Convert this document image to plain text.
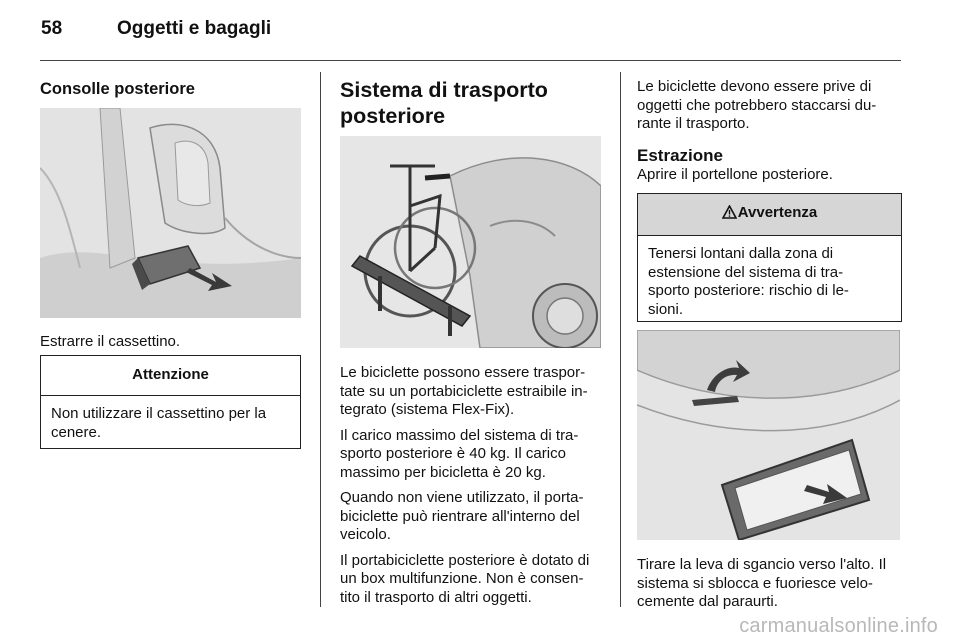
58	Oggetti e bagagli
Consolle posteriore
Estrarre il cassettino.
Attenzione
Non utilizzare il cassettino per la cenere.
Sistema di trasporto
posteriore
Le biciclette possono essere traspor-
tate su un portabiciclette estraibile in-
tegrato (sistema Flex-Fix).
Il carico massimo del sistema di tra-
sporto posteriore è 40 kg. Il carico
massimo per bicicletta è 20 kg.
Quando non viene utilizzato, il porta-
biciclette può rientrare all'interno del
veicolo.
Il portabiciclette posteriore è dotato di
un box multifunzione. Non è consen-
tito il trasporto di altri oggetti.
Le biciclette devono essere prive di
oggetti che potrebbero staccarsi du-
rante il trasporto.
Estrazione
Aprire il portellone posteriore.
Avvertenza
Tenersi lontani dalla zona di
estensione del sistema di tra-
sporto posteriore: rischio di le-
sioni.
Tirare la leva di sgancio verso l'alto. Il
sistema si sblocca e fuoriesce velo-
cemente dal paraurti.
carmanualsonline.info
